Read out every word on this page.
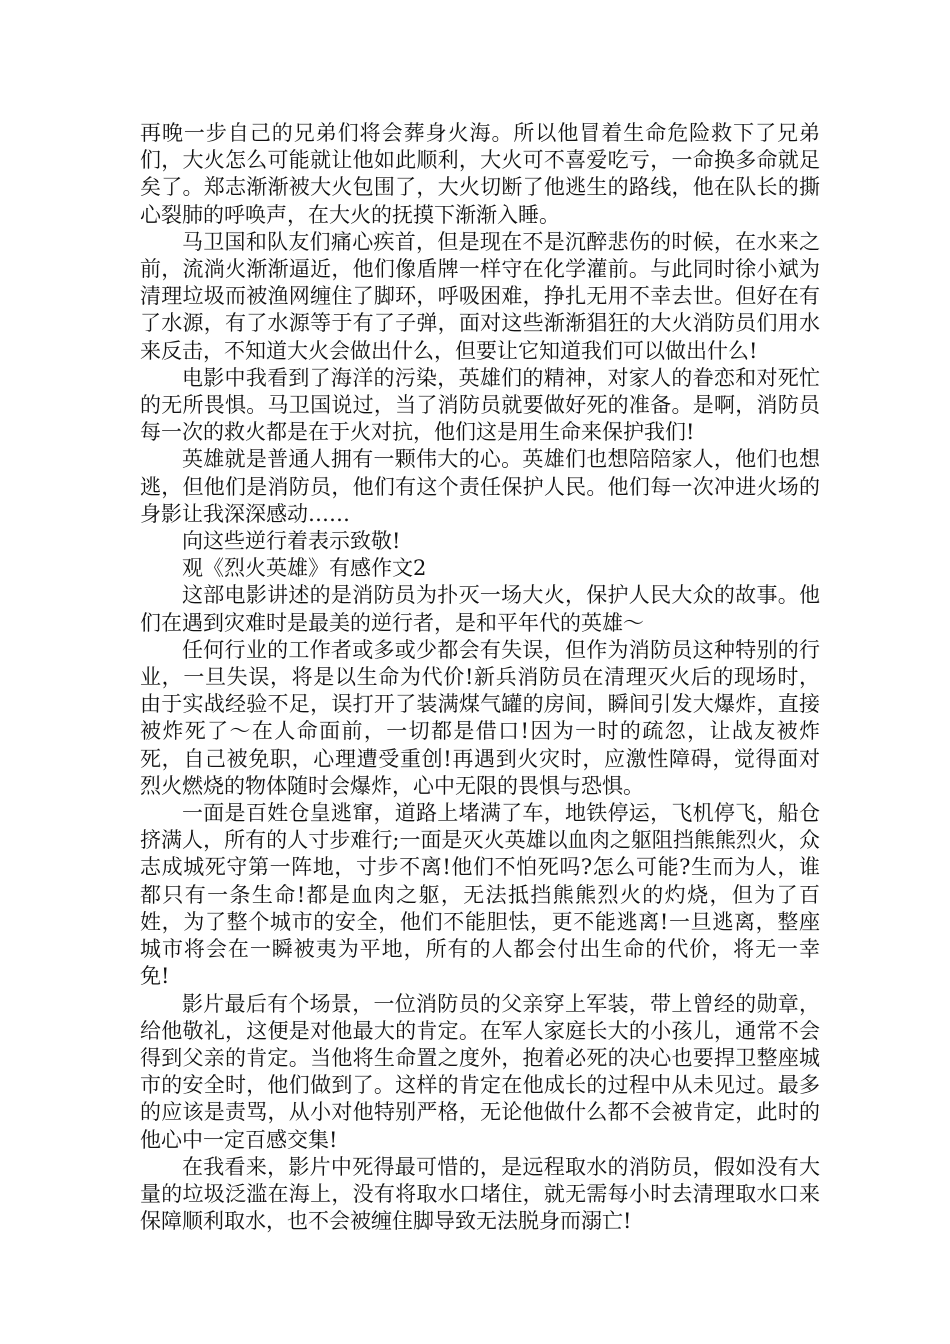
再晚一步自己的兄弟们将会葬身火海。所以他冒着生命危险救下了兄弟们，大火怎么可能就让他如此顺利，大火可不喜爱吃亏，一命换多命就足矣了。郑志渐渐被大火包围了，大火切断了他逃生的路线，他在队长的撕心裂肺的呼唤声，在大火的抚摸下渐渐入睡。

马卫国和队友们痛心疾首，但是现在不是沉醉悲伤的时候，在水来之前，流淌火渐渐逼近，他们像盾牌一样守在化学灌前。与此同时徐小斌为清理垃圾而被渔网缠住了脚环，呼吸困难，挣扎无用不幸去世。但好在有了水源，有了水源等于有了子弹，面对这些渐渐猖狂的大火消防员们用水来反击，不知道大火会做出什么，但要让它知道我们可以做出什么!

电影中我看到了海洋的污染，英雄们的精神，对家人的眷恋和对死忙的无所畏惧。马卫国说过，当了消防员就要做好死的准备。是啊，消防员每一次的救火都是在于火对抗，他们这是用生命来保护我们!

英雄就是普通人拥有一颗伟大的心。英雄们也想陪陪家人，他们也想逃，但他们是消防员，他们有这个责任保护人民。他们每一次冲进火场的身影让我深深感动……

向这些逆行着表示致敬!

观《烈火英雄》有感作文2

这部电影讲述的是消防员为扑灭一场大火，保护人民大众的故事。他们在遇到灾难时是最美的逆行者，是和平年代的英雄～

任何行业的工作者或多或少都会有失误，但作为消防员这种特别的行业，一旦失误，将是以生命为代价!新兵消防员在清理灭火后的现场时，由于实战经验不足，误打开了装满煤气罐的房间，瞬间引发大爆炸，直接被炸死了～在人命面前，一切都是借口!因为一时的疏忽，让战友被炸死，自己被免职，心理遭受重创!再遇到火灾时，应激性障碍，觉得面对烈火燃烧的物体随时会爆炸，心中无限的畏惧与恐惧。

一面是百姓仓皇逃窜，道路上堵满了车，地铁停运，飞机停飞，船仓挤满人，所有的人寸步难行;一面是灭火英雄以血肉之躯阻挡熊熊烈火，众志成城死守第一阵地，寸步不离!他们不怕死吗?怎么可能?生而为人，谁都只有一条生命!都是血肉之躯，无法抵挡熊熊烈火的灼烧，但为了百姓，为了整个城市的安全，他们不能胆怯，更不能逃离!一旦逃离，整座城市将会在一瞬被夷为平地，所有的人都会付出生命的代价，将无一幸免!

影片最后有个场景，一位消防员的父亲穿上军装，带上曾经的勋章，给他敬礼，这便是对他最大的肯定。在军人家庭长大的小孩儿，通常不会得到父亲的肯定。当他将生命置之度外，抱着必死的决心也要捍卫整座城市的安全时，他们做到了。这样的肯定在他成长的过程中从未见过。最多的应该是责骂，从小对他特别严格，无论他做什么都不会被肯定，此时的他心中一定百感交集!

在我看来，影片中死得最可惜的，是远程取水的消防员，假如没有大量的垃圾泛滥在海上，没有将取水口堵住，就无需每小时去清理取水口来保障顺利取水，也不会被缠住脚导致无法脱身而溺亡!
